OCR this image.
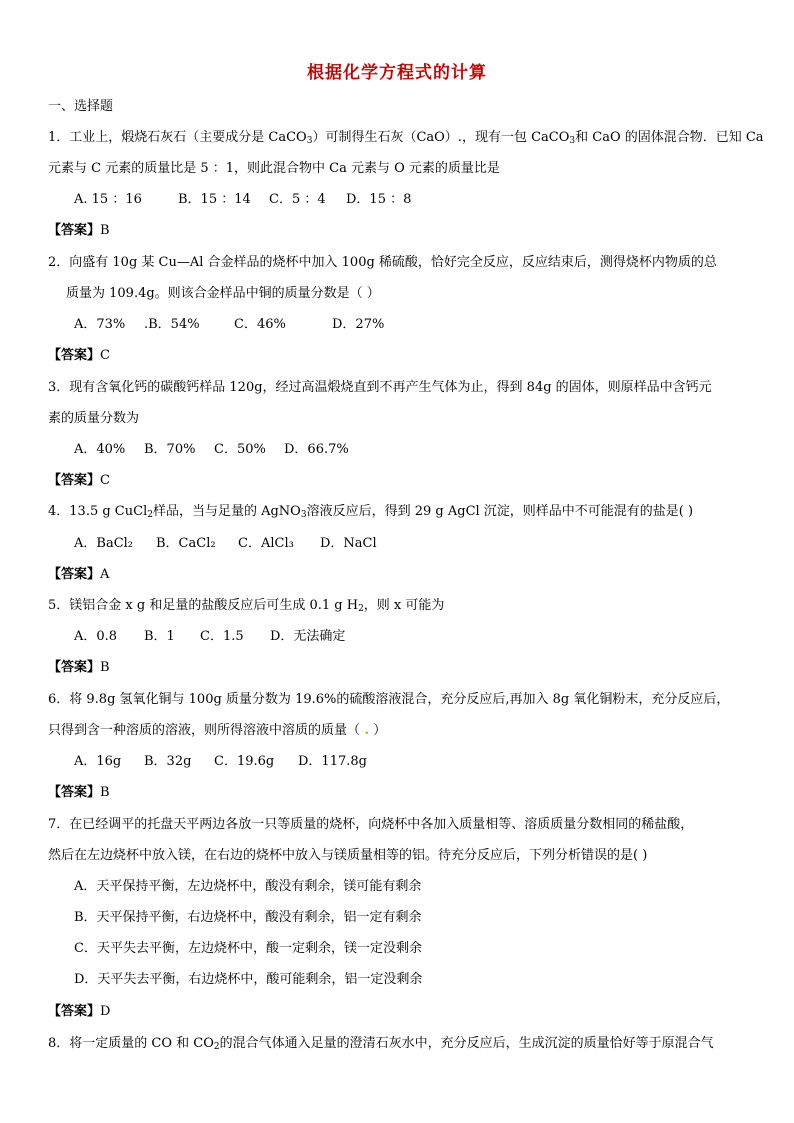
根据化学方程式的计算
一、选择题
1．工业上，煅烧石灰石（主要成分是 CaCO$_3$）可制得生石灰（CaO）.，现有一包 CaCO$_3$和 CaO 的固体混合物．已知 Ca
元素与 C 元素的质量比是 5 ：1，则此混合物中 Ca 元素与 O 元素的质量比是
A. 15 ：16	B．15 ：14 C．5 ：4 D．15 ：8
【答案】B
2．向盛有 10g 某 Cu—Al 合金样品的烧杯中加入 100g 稀硫酸，恰好完全反应，反应结束后，测得烧杯内物质的总
质量为 109.4g。则该合金样品中铜的质量分数是（ ）
A．73% .B．54%	C．46%	D．27%
【答案】C
3．现有含氧化钙的碳酸钙样品 120g，经过高温煅烧直到不再产生气体为止，得到 84g 的固体，则原样品中含钙元
素的质量分数为
A．40% B．70% C．50% D．66.7%
【答案】C
4．13.5 g CuCl$_2$样品，当与足量的 AgNO$_3$溶液反应后，得到 29 g AgCl 沉淀，则样品中不可能混有的盐是( )
A．BaCl₂ B．CaCl₂ C．AlCl₃ D．NaCl
【答案】A
5．镁铝合金 x g 和足量的盐酸反应后可生成 0.1 g $H_2$，则 x 可能为
A．0.8 B．1 C．1.5 D．无法确定
【答案】B
6．将 9.8g 氢氧化铜与 100g 质量分数为 19.6%的硫酸溶液混合，充分反应后,再加入 8g 氧化铜粉末，充分反应后，
只得到含一种溶质的溶液，则所得溶液中溶质的质量（ . ）
A．16g B．32g C．19.6g D．117.8g
【答案】B
7．在已经调平的托盘天平两边各放一只等质量的烧杯，向烧杯中各加入质量相等、溶质质量分数相同的稀盐酸，
然后在左边烧杯中放入镁，在右边的烧杯中放入与镁质量相等的铝。待充分反应后，下列分析错误的是( )
A．天平保持平衡，左边烧杯中，酸没有剩余，镁可能有剩余
B．天平保持平衡，右边烧杯中，酸没有剩余，铝一定有剩余
C．天平失去平衡，左边烧杯中，酸一定剩余，镁一定没剩余
D．天平失去平衡，右边烧杯中，酸可能剩余，铝一定没剩余
【答案】D
8．将一定质量的 CO 和 $CO_2$的混合气体通入足量的澄清石灰水中，充分反应后，生成沉淀的质量恰好等于原混合气
